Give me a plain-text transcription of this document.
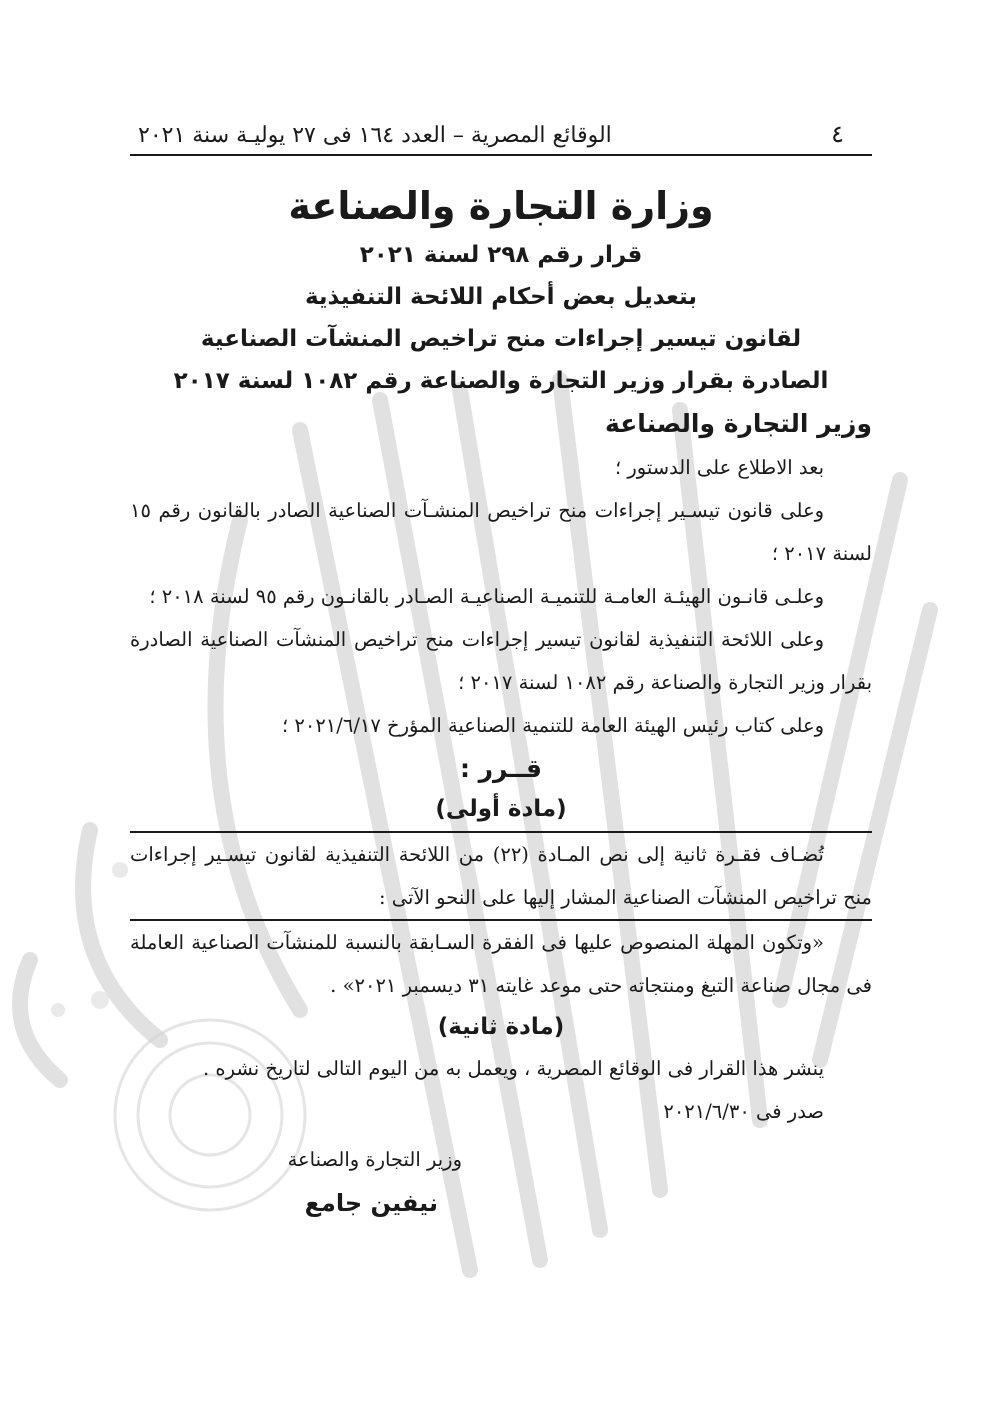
٤
الوقائع المصرية – العدد ١٦٤ فى ٢٧ يوليـة سنة ٢٠٢١
وزارة التجارة والصناعة

قرار رقم ٢٩٨ لسنة ٢٠٢١

بتعديل بعض أحكام اللائحة التنفيذية

لقانون تيسير إجراءات منح تراخيص المنشآت الصناعية

الصادرة بقرار وزير التجارة والصناعة رقم ١٠٨٢ لسنة ٢٠١٧

وزير التجارة والصناعة

بعد الاطلاع على الدستور ؛

وعلى قانون تيسـير إجراءات منح تراخيص المنشـآت الصناعية الصادر بالقانون رقم ١٥ لسنة ٢٠١٧ ؛

وعلـى قانـون الهيئـة العامـة للتنميـة الصناعيـة الصـادر بالقانـون رقم ٩٥ لسنة ٢٠١٨ ؛

وعلى اللائحة التنفيذية لقانون تيسير إجراءات منح تراخيص المنشآت الصناعية الصادرة بقرار وزير التجارة والصناعة رقم ١٠٨٢ لسنة ٢٠١٧ ؛

وعلى كتاب رئيس الهيئة العامة للتنمية الصناعية المؤرخ ٢٠٢١/٦/١٧ ؛

قــرر :

(مادة أولى)

تُضـاف فقـرة ثانية إلى نص المـادة (٢٢) من اللائحة التنفيذية لقانون تيسـير إجراءات منح تراخيص المنشآت الصناعية المشار إليها على النحو الآتى :

«وتكون المهلة المنصوص عليها فى الفقرة السـابقة بالنسبة للمنشآت الصناعية العاملة فى مجال صناعة التبغ ومنتجاته حتى موعد غايته ٣١ ديسمبر ٢٠٢١» .

(مادة ثانية)

ينشر هذا القرار فى الوقائع المصرية ، ويعمل به من اليوم التالى لتاريخ نشره .

صدر فى ٢٠٢١/٦/٣٠

وزير التجارة والصناعة

نيفين جامع
